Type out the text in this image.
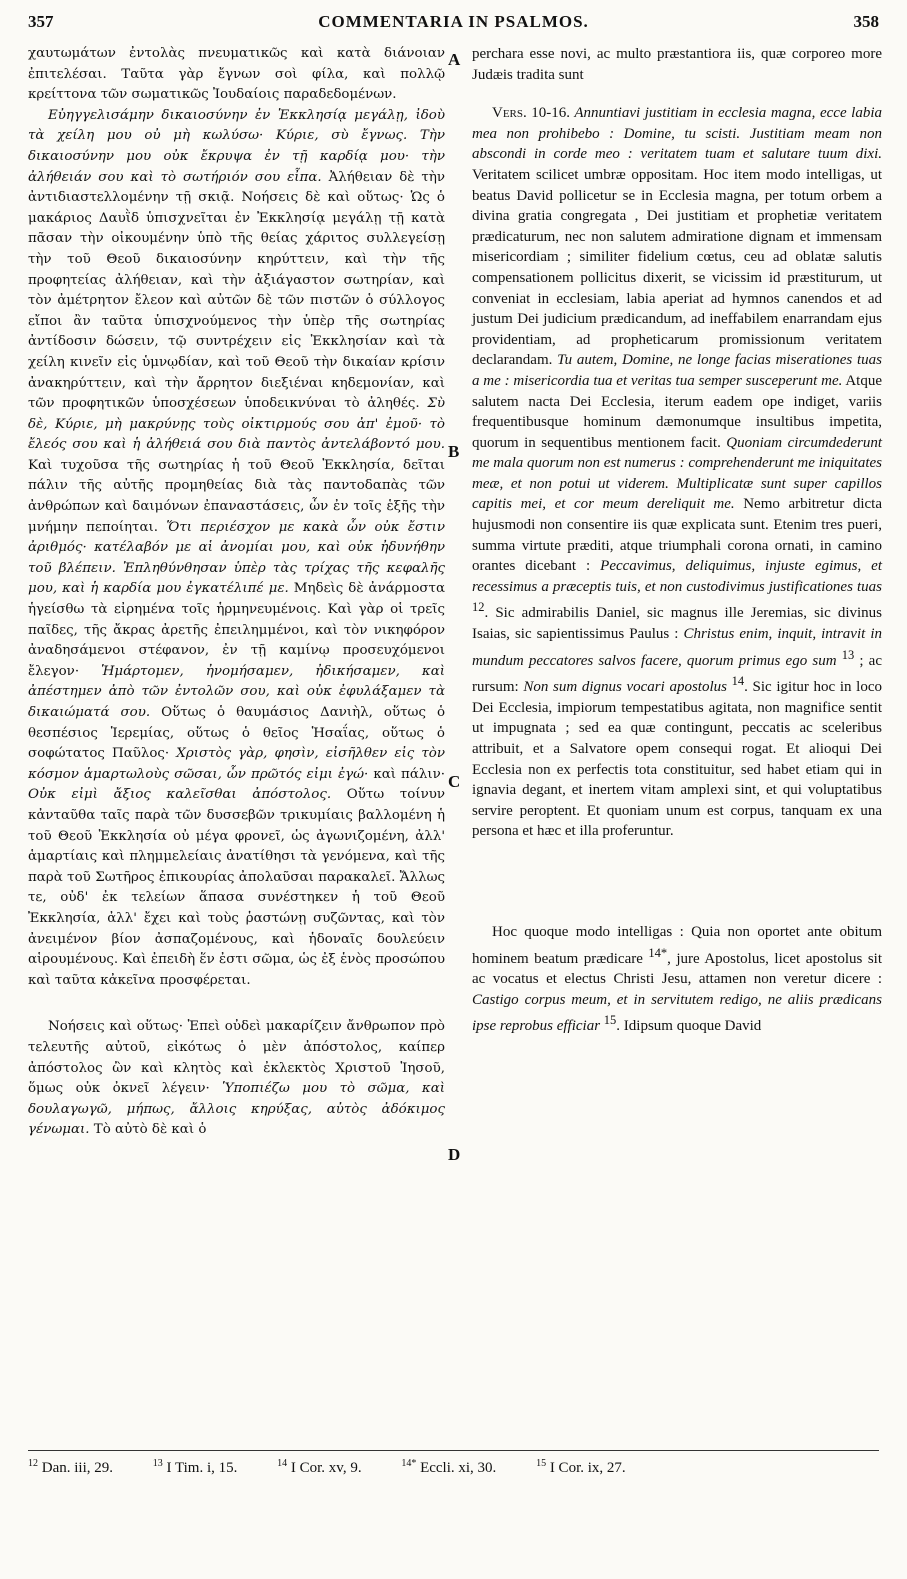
357	COMMENTARIA IN PSALMOS.	358

χαυτωμάτων ἐντολὰς πνευματικῶς καὶ κατὰ διάνοιαν ἐπιτελέσαι. Ταῦτα γὰρ ἔγνων σοὶ φίλα, καὶ πολλῷ κρείττονα τῶν σωματικῶς Ἰουδαίοις παραδεδομένων.

Εὐηγγελισάμην δικαιοσύνην ἐν Ἐκκλησίᾳ μεγάλῃ, ἰδοὺ τὰ χείλη μου οὐ μὴ κωλύσω· Κύριε, σὺ ἔγνως. Τὴν δικαιοσύνην μου οὐκ ἔκρυψα ἐν τῇ καρδίᾳ μου· τὴν ἀλήθειάν σου καὶ τὸ σωτήριόν σου εἶπα. Ἀλήθειαν δὲ τὴν ἀντιδιαστελλομένην τῇ σκιᾷ. Νοήσεις δὲ καὶ οὕτως· Ὡς ὁ μακάριος Δαυῒδ ὑπισχνεῖται ἐν Ἐκκλησίᾳ μεγάλῃ τῇ κατὰ πᾶσαν τὴν οἰκουμένην ὑπὸ τῆς θείας χάριτος συλλεγείσῃ τὴν τοῦ Θεοῦ δικαιοσύνην κηρύττειν, καὶ τὴν τῆς προφητείας ἀλήθειαν, καὶ τὴν ἀξιάγαστον σωτηρίαν, καὶ τὸν ἀμέτρητον ἔλεον καὶ αὐτῶν δὲ τῶν πιστῶν ὁ σύλλογος εἴποι ἂν ταῦτα ὑπισχνούμενος τὴν ὑπὲρ τῆς σωτηρίας ἀντίδοσιν δώσειν, τῷ συντρέχειν εἰς Ἐκκλησίαν καὶ τὰ χείλη κινεῖν εἰς ὑμνῳδίαν, καὶ τοῦ Θεοῦ τὴν δικαίαν κρίσιν ἀνακηρύττειν, καὶ τὴν ἄρρητον διεξιέναι κηδεμονίαν, καὶ τῶν προφητικῶν ὑποσχέσεων ὑποδεικνύναι τὸ ἀληθές. Σὺ δὲ, Κύριε, μὴ μακρύνῃς τοὺς οἰκτιρμούς σου ἀπ' ἐμοῦ· τὸ ἔλεός σου καὶ ἡ ἀλήθειά σου διὰ παντὸς ἀντελάβοντό μου. Καὶ τυχοῦσα τῆς σωτηρίας ἡ τοῦ Θεοῦ Ἐκκλησία, δεῖται πάλιν τῆς αὐτῆς προμηθείας διὰ τὰς παντοδαπὰς τῶν ἀνθρώπων καὶ δαιμόνων ἐπαναστάσεις, ὧν ἐν τοῖς ἑξῆς τὴν μνήμην πεποίηται. Ὅτι περιέσχον με κακὰ ὧν οὐκ ἔστιν ἀριθμός· κατέλαβόν με αἱ ἀνομίαι μου, καὶ οὐκ ἠδυνήθην τοῦ βλέπειν. Ἐπληθύνθησαν ὑπὲρ τὰς τρίχας τῆς κεφαλῆς μου, καὶ ἡ καρδία μου ἐγκατέλιπέ με. Μηδεὶς δὲ ἀνάρμοστα ἡγείσθω τὰ εἰρημένα τοῖς ἡρμηνευμένοις. Καὶ γὰρ οἱ τρεῖς παῖδες, τῆς ἄκρας ἀρετῆς ἐπειλημμένοι, καὶ τὸν νικηφόρον ἀναδησάμενοι στέφανον, ἐν τῇ καμίνῳ προσευχόμενοι ἔλεγον· Ἡμάρτομεν, ἠνομήσαμεν, ἠδικήσαμεν, καὶ ἀπέστημεν ἀπὸ τῶν ἐντολῶν σου, καὶ οὐκ ἐφυλάξαμεν τὰ δικαιώματά σου. Οὕτως ὁ θαυμάσιος Δανιὴλ, οὕτως ὁ θεσπέσιος Ἱερεμίας, οὕτως ὁ θεῖος Ἡσαΐας, οὕτως ὁ σοφώτατος Παῦλος· Χριστὸς γὰρ, φησὶν, εἰσῆλθεν εἰς τὸν κόσμον ἁμαρτωλοὺς σῶσαι, ὧν πρῶτός εἰμι ἐγώ· καὶ πάλιν· Οὐκ εἰμὶ ἄξιος καλεῖσθαι ἀπόστολος. Οὕτω τοίνυν κἀνταῦθα ταῖς παρὰ τῶν δυσσεβῶν τρικυμίαις βαλλομένη ἡ τοῦ Θεοῦ Ἐκκλησία οὐ μέγα φρονεῖ, ὡς ἀγωνιζομένη, ἀλλ' ἁμαρτίαις καὶ πλημμελείαις ἀνατίθησι τὰ γενόμενα, καὶ τῆς παρὰ τοῦ Σωτῆρος ἐπικουρίας ἀπολαῦσαι παρακαλεῖ. Ἄλλως τε, οὐδ' ἐκ τελείων ἅπασα συνέστηκεν ἡ τοῦ Θεοῦ Ἐκκλησία, ἀλλ' ἔχει καὶ τοὺς ῥαστώνῃ συζῶντας, καὶ τὸν ἀνειμένον βίον ἀσπαζομένους, καὶ ἡδοναῖς δουλεύειν αἱρουμένους. Καὶ ἐπειδὴ ἕν ἐστι σῶμα, ὡς ἐξ ἑνὸς προσώπου καὶ ταῦτα κἀκεῖνα προσφέρεται.

Νοήσεις καὶ οὕτως· Ἐπεὶ οὐδεὶ μακαρίζειν ἄνθρωπον πρὸ τελευτῆς αὐτοῦ, εἰκότως ὁ μὲν ἀπόστολος, καίπερ ἀπόστολος ὢν καὶ κλητὸς καὶ ἐκλεκτὸς Χριστοῦ Ἰησοῦ, ὅμως οὐκ ὀκνεῖ λέγειν· Ὑποπιέζω μου τὸ σῶμα, καὶ δουλαγωγῶ, μήπως, ἄλλοις κηρύξας, αὐτὸς ἀδόκιμος γένωμαι. Τὸ αὐτὸ δὲ καὶ ὁ

A
B
C
D

perchara esse novi, ac multo præstantiora iis, quæ corporeo more Judæis tradita sunt

Vers. 10-16. Annuntiavi justitiam in ecclesia magna, ecce labia mea non prohibebo : Domine, tu scisti. Justitiam meam non abscondi in corde meo : veritatem tuam et salutare tuum dixi. Veritatem scilicet umbræ oppositam. Hoc item modo intelligas, ut beatus David pollicetur se in Ecclesia magna, per totum orbem a divina gratia congregata , Dei justitiam et prophetiæ veritatem prædicaturum, nec non salutem admiratione dignam et immensam misericordiam ; similiter fidelium cœtus, ceu ad oblatæ salutis compensationem pollicitus dixerit, se vicissim id præstiturum, ut conveniat in ecclesiam, labia aperiat ad hymnos canendos et ad justum Dei judicium prædicandum, ad ineffabilem enarrandam ejus providentiam, ad propheticarum promissionum veritatem declarandam. Tu autem, Domine, ne longe facias miserationes tuas a me : misericordia tua et veritas tua semper susceperunt me. Atque salutem nacta Dei Ecclesia, iterum eadem ope indiget, variis frequentibusque hominum dæmonumque insultibus impetita, quorum in sequentibus mentionem facit. Quoniam circumdederunt me mala quorum non est numerus : comprehenderunt me iniquitates meæ, et non potui ut viderem. Multiplicatæ sunt super capillos capitis mei, et cor meum dereliquit me. Nemo arbitretur dicta hujusmodi non consentire iis quæ explicata sunt. Etenim tres pueri, summa virtute præditi, atque triumphali corona ornati, in camino orantes dicebant : Peccavimus, deliquimus, injuste egimus, et recessimus a præceptis tuis, et non custodivimus justificationes tuas $^{12}$. Sic admirabilis Daniel, sic magnus ille Jeremias, sic divinus Isaias, sic sapientissimus Paulus : Christus enim, inquit, intravit in mundum peccatores salvos facere, quorum primus ego sum $^{13}$ ; ac rursum: Non sum dignus vocari apostolus $^{14}$. Sic igitur hoc in loco Dei Ecclesia, impiorum tempestatibus agitata, non magnifice sentit ut impugnata ; sed ea quæ contingunt, peccatis ac sceleribus attribuit, et a Salvatore opem consequi rogat. Et alioqui Dei Ecclesia non ex perfectis tota constituitur, sed habet etiam qui in ignavia degant, et inertem vitam amplexi sint, et qui voluptatibus servire peroptent. Et quoniam unum est corpus, tanquam ex una persona et hæc et illa proferuntur.

Hoc quoque modo intelligas : Quia non oportet ante obitum hominem beatum prædicare $^{14*}$, jure Apostolus, licet apostolus sit ac vocatus et electus Christi Jesu, attamen non veretur dicere : Castigo corpus meum, et in servitutem redigo, ne aliis prædicans ipse reprobus efficiar $^{15}$. Idipsum quoque David

$^{12}$ Dan. iii, 29.	$^{13}$ I Tim. i, 15.	$^{14}$ I Cor. xv, 9.	$^{14*}$ Eccli. xi, 30.	$^{15}$ I Cor. ix, 27.
